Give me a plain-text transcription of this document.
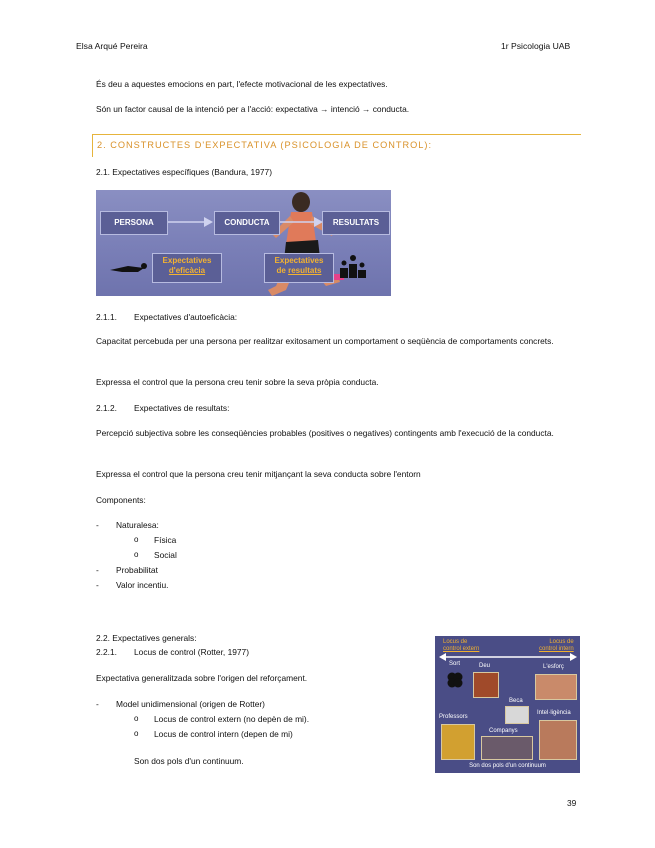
Elsa Arqué Pereira	1r Psicologia UAB
És deu a aquestes emocions en part, l'efecte motivacional de les expectatives.
Són un factor causal de la intenció per a l'acció: expectativa → intenció → conducta.
2. CONSTRUCTES D'EXPECTATIVA (PSICOLOGIA DE CONTROL):
2.1. Expectatives específiques (Bandura, 1977)
PERSONA	CONDUCTA	RESULTATS
Expectatives
d'eficàcia
Expectatives
de resultats
2.1.1. Expectatives d'autoeficàcia:
Capacitat percebuda per una persona per realitzar exitosament un comportament o seqüència de comportaments concrets.
Expressa el control que la persona creu tenir sobre la seva pròpia conducta.
2.1.2. Expectatives de resultats:
Percepció subjectiva sobre les conseqüències probables (positives o negatives) contingents amb l'execució de la conducta.
Expressa el control que la persona creu tenir mitjançant la seva conducta sobre l'entorn
Components:
- Naturalesa:
o Física
o Social
- Probabilitat
- Valor incentiu.
2.2. Expectatives generals:
2.2.1. Locus de control (Rotter, 1977)
Expectativa generalitzada sobre l'origen del reforçament.
- Model unidimensional (origen de Rotter)
o Locus de control extern (no depèn de mi).
o Locus de control intern (depen de mi)
Son dos pols d'un continuum.
Locus de
control extern
Locus de
control intern
Sort	Deu	L'esforç
Beca
Intel·ligència
Professors
Companys
Son dos pols d'un continuum
39
